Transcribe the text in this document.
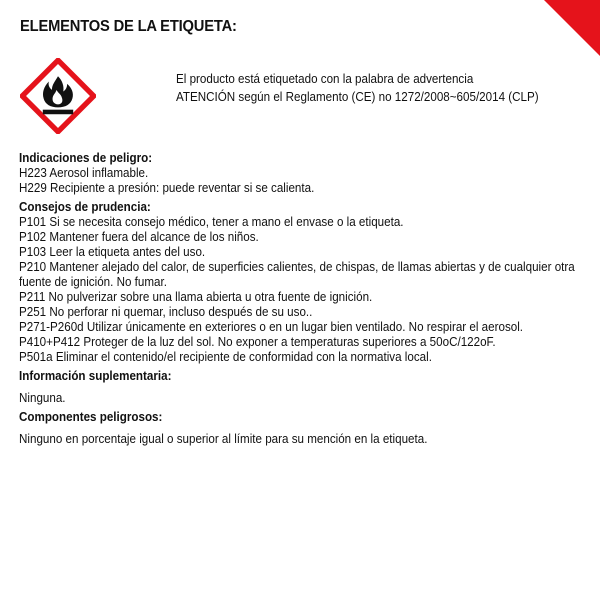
ELEMENTOS DE LA ETIQUETA:
El producto está etiquetado con la palabra de advertencia
ATENCIÓN según el Reglamento (CE) no 1272/2008~605/2014 (CLP)
Indicaciones de peligro:
H223 Aerosol inflamable.
H229 Recipiente a presión: puede reventar si se calienta.
Consejos de prudencia:
P101 Si se necesita consejo médico, tener a mano el envase o la etiqueta.
P102 Mantener fuera del alcance de los niños.
P103 Leer la etiqueta antes del uso.
P210 Mantener alejado del calor, de superficies calientes, de chispas, de llamas abiertas y de cualquier otra fuente de ignición. No fumar.
P211 No pulverizar sobre una llama abierta u otra fuente de ignición.
P251 No perforar ni quemar, incluso después de su uso..
P271-P260d Utilizar únicamente en exteriores o en un lugar bien ventilado. No respirar el aerosol.
P410+P412 Proteger de la luz del sol. No exponer a temperaturas superiores a 50oC/122oF.
P501a Eliminar el contenido/el recipiente de conformidad con la normativa local.
Información suplementaria:
Ninguna.
Componentes peligrosos:
Ninguno en porcentaje igual o superior al límite para su mención en la etiqueta.
